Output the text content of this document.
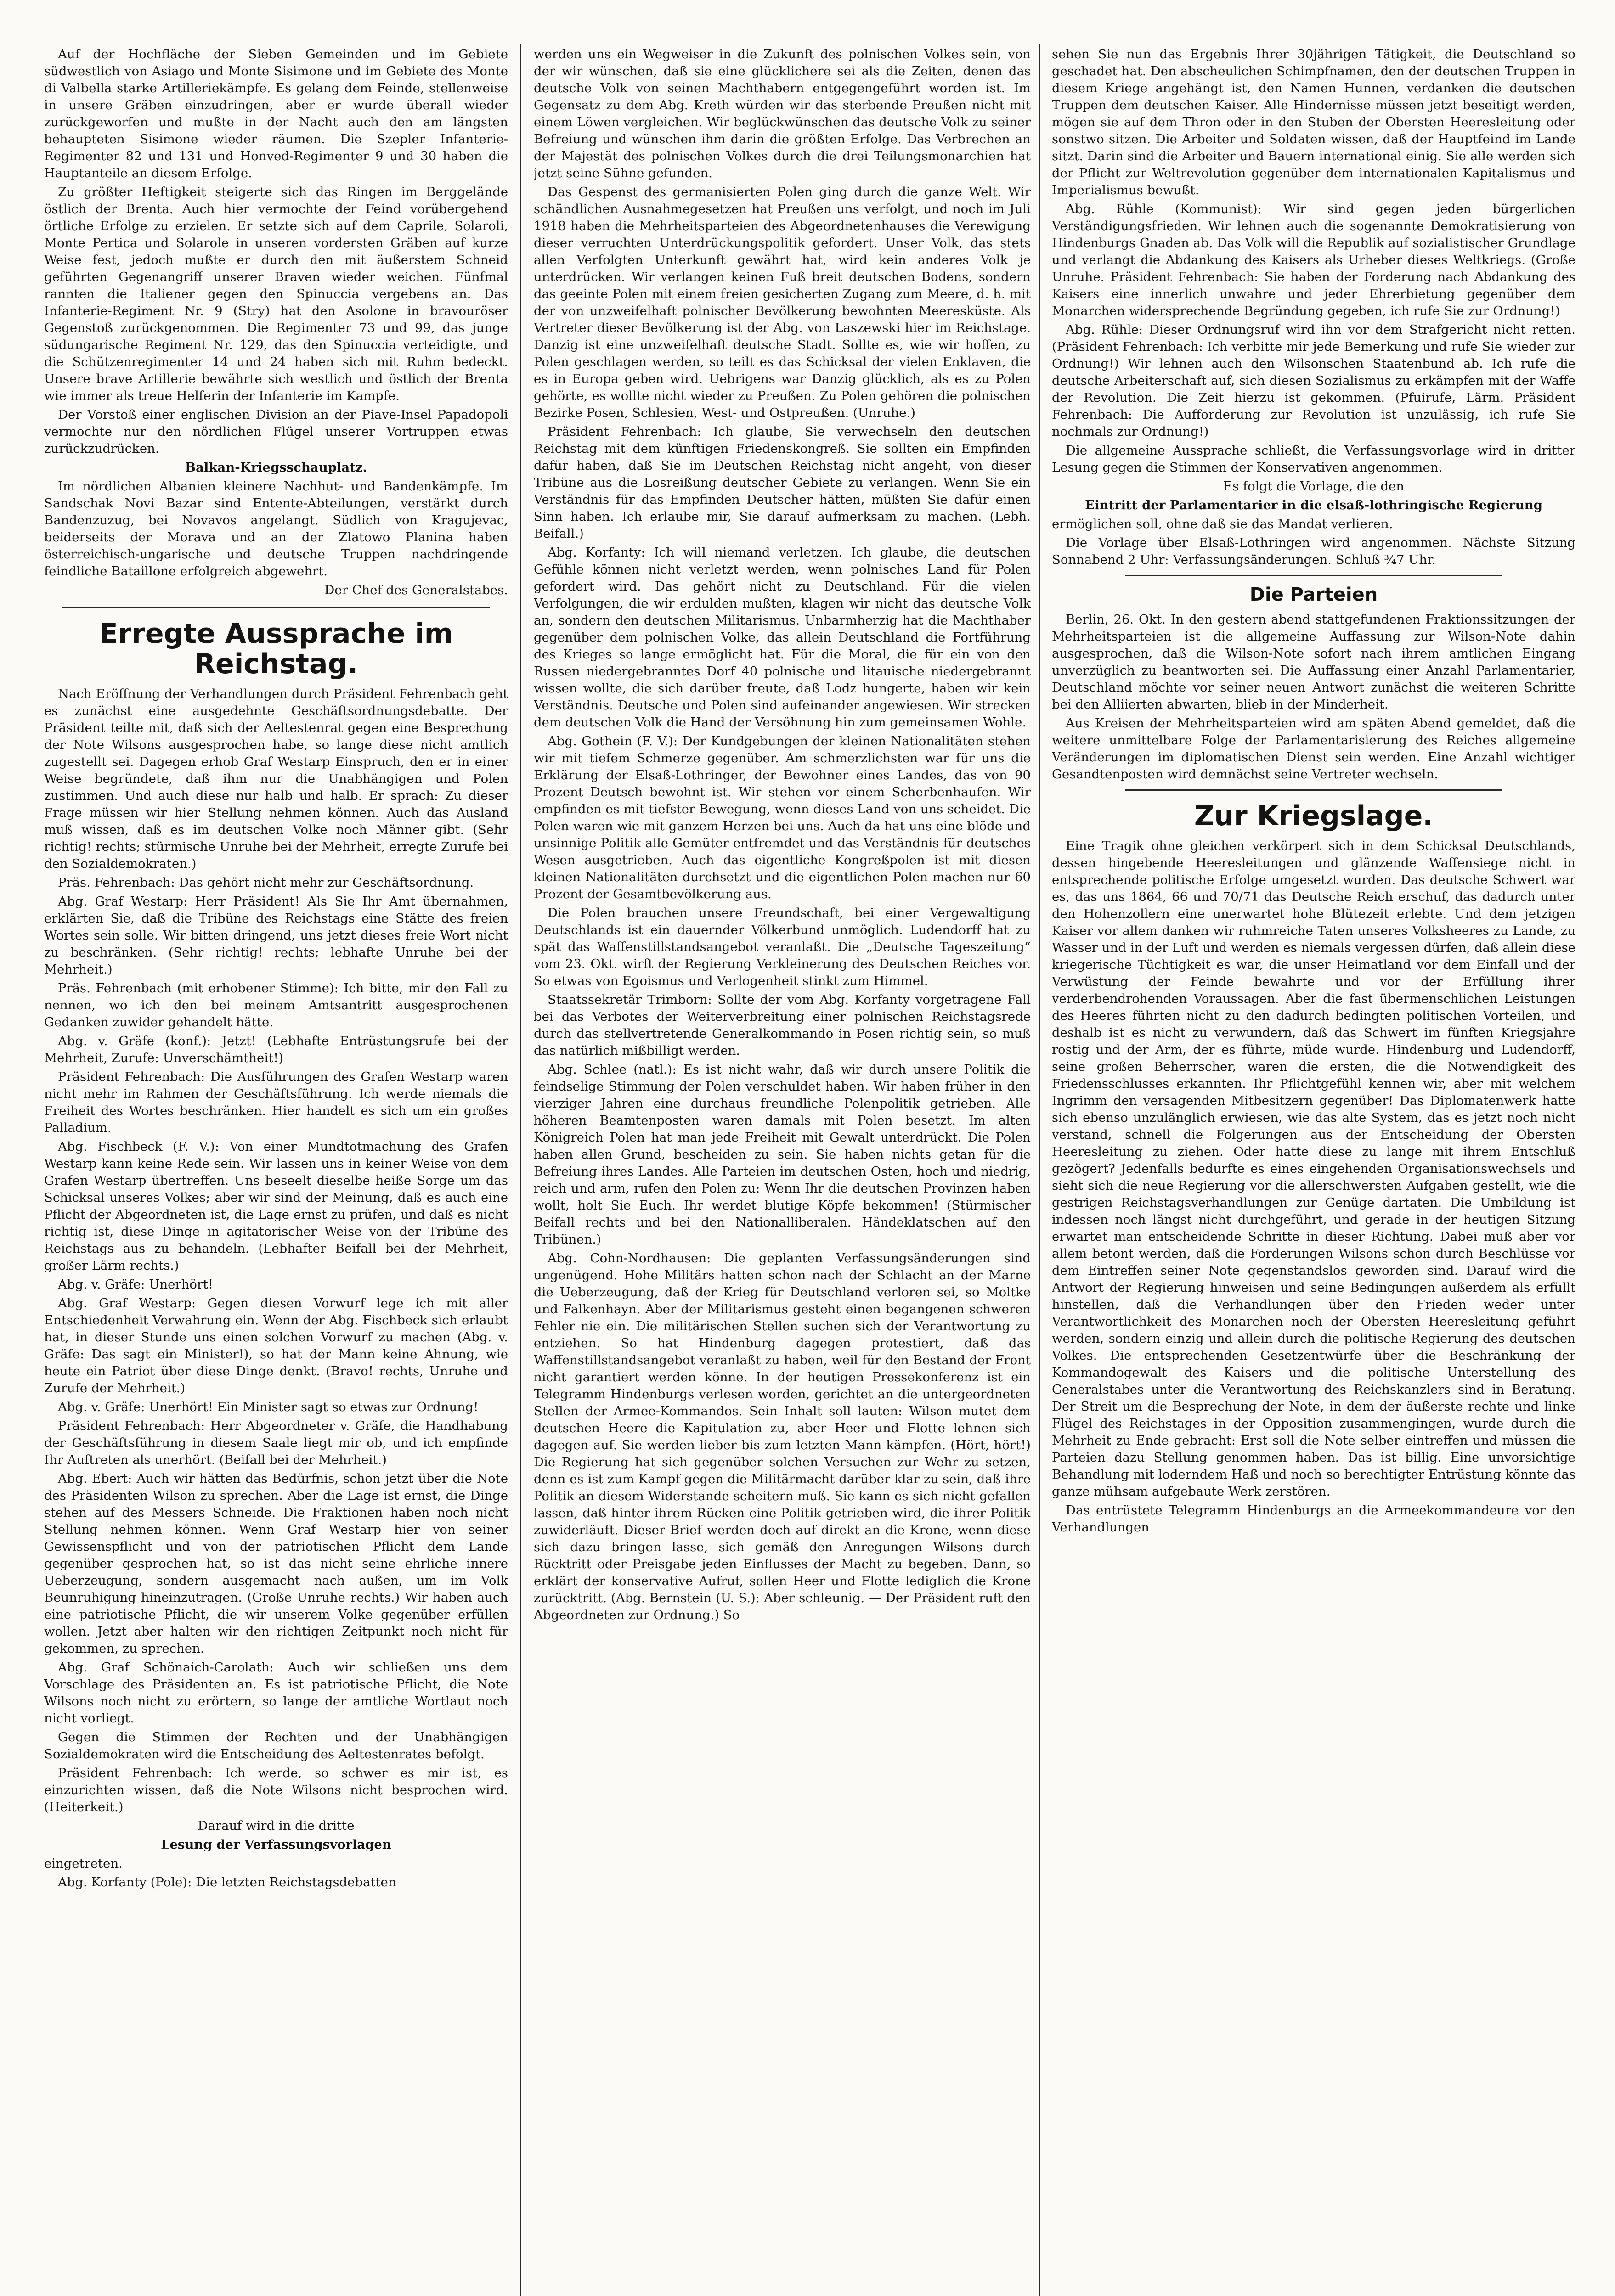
Auf der Hochfläche der Sieben Gemeinden und im Gebiete südwestlich von Asiago und Monte Sisimone und im Gebiete des Monte di Valbella starke Artilleriekämpfe. Es gelang dem Feinde, stellenweise in unsere Gräben einzudringen, aber er wurde überall wieder zurückgeworfen und mußte in der Nacht auch den am längsten behaupteten Sisimone wieder räumen. Die Szepler Infanterie-Regimenter 82 und 131 und Honved-Regimenter 9 und 30 haben die Hauptanteile an diesem Erfolge.

Zu größter Heftigkeit steigerte sich das Ringen im Berggelände östlich der Brenta. Auch hier vermochte der Feind vorübergehend örtliche Erfolge zu erzielen. Er setzte sich auf dem Caprile, Solaroli, Monte Pertica und Solarole in unseren vordersten Gräben auf kurze Weise fest, jedoch mußte er durch den mit äußerstem Schneid geführten Gegenangriff unserer Braven wieder weichen. Fünfmal rannten die Italiener gegen den Spinuccia vergebens an. Das Infanterie-Regiment Nr. 9 (Stry) hat den Asolone in bravouröser Gegenstoß zurückgenommen. Die Regimenter 73 und 99, das junge südungarische Regiment Nr. 129, das den Spinuccia verteidigte, und die Schützenregimenter 14 und 24 haben sich mit Ruhm bedeckt. Unsere brave Artillerie bewährte sich westlich und östlich der Brenta wie immer als treue Helferin der Infanterie im Kampfe.

Der Vorstoß einer englischen Division an der Piave-Insel Papadopoli vermochte nur den nördlichen Flügel unserer Vortruppen etwas zurückzudrücken.

Balkan-Kriegsschauplatz.

Im nördlichen Albanien kleinere Nachhut- und Bandenkämpfe. Im Sandschak Novi Bazar sind Entente-Abteilungen, verstärkt durch Bandenzuzug, bei Novavos angelangt. Südlich von Kragujevac, beiderseits der Morava und an der Zlatowo Planina haben österreichisch-ungarische und deutsche Truppen nachdringende feindliche Bataillone erfolgreich abgewehrt.

Der Chef des Generalstabes.

Erregte Aussprache im Reichstag.

Nach Eröffnung der Verhandlungen durch Präsident Fehrenbach geht es zunächst eine ausgedehnte Geschäftsordnungsdebatte. Der Präsident teilte mit, daß sich der Aeltestenrat gegen eine Besprechung der Note Wilsons ausgesprochen habe, so lange diese nicht amtlich zugestellt sei. Dagegen erhob Graf Westarp Einspruch, den er in einer Weise begründete, daß ihm nur die Unabhängigen und Polen zustimmen. Und auch diese nur halb und halb. Er sprach: Zu dieser Frage müssen wir hier Stellung nehmen können. Auch das Ausland muß wissen, daß es im deutschen Volke noch Männer gibt. (Sehr richtig! rechts; stürmische Unruhe bei der Mehrheit, erregte Zurufe bei den Sozialdemokraten.)

Präs. Fehrenbach: Das gehört nicht mehr zur Geschäftsordnung.

Abg. Graf Westarp: Herr Präsident! Als Sie Ihr Amt übernahmen, erklärten Sie, daß die Tribüne des Reichstags eine Stätte des freien Wortes sein solle. Wir bitten dringend, uns jetzt dieses freie Wort nicht zu beschränken. (Sehr richtig! rechts; lebhafte Unruhe bei der Mehrheit.)

Präs. Fehrenbach (mit erhobener Stimme): Ich bitte, mir den Fall zu nennen, wo ich den bei meinem Amtsantritt ausgesprochenen Gedanken zuwider gehandelt hätte.

Abg. v. Gräfe (konf.): Jetzt! (Lebhafte Entrüstungsrufe bei der Mehrheit, Zurufe: Unverschämtheit!)

Präsident Fehrenbach: Die Ausführungen des Grafen Westarp waren nicht mehr im Rahmen der Geschäftsführung. Ich werde niemals die Freiheit des Wortes beschränken. Hier handelt es sich um ein großes Palladium.

Abg. Fischbeck (F. V.): Von einer Mundtotmachung des Grafen Westarp kann keine Rede sein. Wir lassen uns in keiner Weise von dem Grafen Westarp übertreffen. Uns beseelt dieselbe heiße Sorge um das Schicksal unseres Volkes; aber wir sind der Meinung, daß es auch eine Pflicht der Abgeordneten ist, die Lage ernst zu prüfen, und daß es nicht richtig ist, diese Dinge in agitatorischer Weise von der Tribüne des Reichstags aus zu behandeln. (Lebhafter Beifall bei der Mehrheit, großer Lärm rechts.)

Abg. v. Gräfe: Unerhört!

Abg. Graf Westarp: Gegen diesen Vorwurf lege ich mit aller Entschiedenheit Verwahrung ein. Wenn der Abg. Fischbeck sich erlaubt hat, in dieser Stunde uns einen solchen Vorwurf zu machen (Abg. v. Gräfe: Das sagt ein Minister!), so hat der Mann keine Ahnung, wie heute ein Patriot über diese Dinge denkt. (Bravo! rechts, Unruhe und Zurufe der Mehrheit.)

Abg. v. Gräfe: Unerhört! Ein Minister sagt so etwas zur Ordnung!

Präsident Fehrenbach: Herr Abgeordneter v. Gräfe, die Handhabung der Geschäftsführung in diesem Saale liegt mir ob, und ich empfinde Ihr Auftreten als unerhört. (Beifall bei der Mehrheit.)

Abg. Ebert: Auch wir hätten das Bedürfnis, schon jetzt über die Note des Präsidenten Wilson zu sprechen. Aber die Lage ist ernst, die Dinge stehen auf des Messers Schneide. Die Fraktionen haben noch nicht Stellung nehmen können. Wenn Graf Westarp hier von seiner Gewissenspflicht und von der patriotischen Pflicht dem Lande gegenüber gesprochen hat, so ist das nicht seine ehrliche innere Ueberzeugung, sondern ausgemacht nach außen, um im Volk Beunruhigung hineinzutragen. (Große Unruhe rechts.) Wir haben auch eine patriotische Pflicht, die wir unserem Volke gegenüber erfüllen wollen. Jetzt aber halten wir den richtigen Zeitpunkt noch nicht für gekommen, zu sprechen.

Abg. Graf Schönaich-Carolath: Auch wir schließen uns dem Vorschlage des Präsidenten an. Es ist patriotische Pflicht, die Note Wilsons noch nicht zu erörtern, so lange der amtliche Wortlaut noch nicht vorliegt.

Gegen die Stimmen der Rechten und der Unabhängigen Sozialdemokraten wird die Entscheidung des Aeltestenrates befolgt.

Präsident Fehrenbach: Ich werde, so schwer es mir ist, es einzurichten wissen, daß die Note Wilsons nicht besprochen wird. (Heiterkeit.)

Darauf wird in die dritte

Lesung der Verfassungsvorlagen

eingetreten.

Abg. Korfanty (Pole): Die letzten Reichstagsdebatten

werden uns ein Wegweiser in die Zukunft des polnischen Volkes sein, von der wir wünschen, daß sie eine glücklichere sei als die Zeiten, denen das deutsche Volk von seinen Machthabern entgegengeführt worden ist. Im Gegensatz zu dem Abg. Kreth würden wir das sterbende Preußen nicht mit einem Löwen vergleichen. Wir beglückwünschen das deutsche Volk zu seiner Befreiung und wünschen ihm darin die größten Erfolge. Das Verbrechen an der Majestät des polnischen Volkes durch die drei Teilungsmonarchien hat jetzt seine Sühne gefunden.

Das Gespenst des germanisierten Polen ging durch die ganze Welt. Wir schändlichen Ausnahmegesetzen hat Preußen uns verfolgt, und noch im Juli 1918 haben die Mehrheitsparteien des Abgeordnetenhauses die Verewigung dieser verruchten Unterdrückungspolitik gefordert. Unser Volk, das stets allen Verfolgten Unterkunft gewährt hat, wird kein anderes Volk je unterdrücken. Wir verlangen keinen Fuß breit deutschen Bodens, sondern das geeinte Polen mit einem freien gesicherten Zugang zum Meere, d. h. mit der von unzweifelhaft polnischer Bevölkerung bewohnten Meeresküste. Als Vertreter dieser Bevölkerung ist der Abg. von Laszewski hier im Reichstage. Danzig ist eine unzweifelhaft deutsche Stadt. Sollte es, wie wir hoffen, zu Polen geschlagen werden, so teilt es das Schicksal der vielen Enklaven, die es in Europa geben wird. Uebrigens war Danzig glücklich, als es zu Polen gehörte, es wollte nicht wieder zu Preußen. Zu Polen gehören die polnischen Bezirke Posen, Schlesien, West- und Ostpreußen. (Unruhe.)

Präsident Fehrenbach: Ich glaube, Sie verwechseln den deutschen Reichstag mit dem künftigen Friedenskongreß. Sie sollten ein Empfinden dafür haben, daß Sie im Deutschen Reichstag nicht angeht, von dieser Tribüne aus die Losreißung deutscher Gebiete zu verlangen. Wenn Sie ein Verständnis für das Empfinden Deutscher hätten, müßten Sie dafür einen Sinn haben. Ich erlaube mir, Sie darauf aufmerksam zu machen. (Lebh. Beifall.)

Abg. Korfanty: Ich will niemand verletzen. Ich glaube, die deutschen Gefühle können nicht verletzt werden, wenn polnisches Land für Polen gefordert wird. Das gehört nicht zu Deutschland. Für die vielen Verfolgungen, die wir erdulden mußten, klagen wir nicht das deutsche Volk an, sondern den deutschen Militarismus. Unbarmherzig hat die Machthaber gegenüber dem polnischen Volke, das allein Deutschland die Fortführung des Krieges so lange ermöglicht hat. Für die Moral, die für ein von den Russen niedergebranntes Dorf 40 polnische und litauische niedergebrannt wissen wollte, die sich darüber freute, daß Lodz hungerte, haben wir kein Verständnis. Deutsche und Polen sind aufeinander angewiesen. Wir strecken dem deutschen Volk die Hand der Versöhnung hin zum gemeinsamen Wohle.

Abg. Gothein (F. V.): Der Kundgebungen der kleinen Nationalitäten stehen wir mit tiefem Schmerze gegenüber. Am schmerzlichsten war für uns die Erklärung der Elsaß-Lothringer, der Bewohner eines Landes, das von 90 Prozent Deutsch bewohnt ist. Wir stehen vor einem Scherbenhaufen. Wir empfinden es mit tiefster Bewegung, wenn dieses Land von uns scheidet. Die Polen waren wie mit ganzem Herzen bei uns. Auch da hat uns eine blöde und unsinnige Politik alle Gemüter entfremdet und das Verständnis für deutsches Wesen ausgetrieben. Auch das eigentliche Kongreßpolen ist mit diesen kleinen Nationalitäten durchsetzt und die eigentlichen Polen machen nur 60 Prozent der Gesamtbevölkerung aus.

Die Polen brauchen unsere Freundschaft, bei einer Vergewaltigung Deutschlands ist ein dauernder Völkerbund unmöglich. Ludendorff hat zu spät das Waffenstillstandsangebot veranlaßt. Die „Deutsche Tageszeitung“ vom 23. Okt. wirft der Regierung Verkleinerung des Deutschen Reiches vor. So etwas von Egoismus und Verlogenheit stinkt zum Himmel.

Staatssekretär Trimborn: Sollte der vom Abg. Korfanty vorgetragene Fall bei das Verbotes der Weiterverbreitung einer polnischen Reichstagsrede durch das stellvertretende Generalkommando in Posen richtig sein, so muß das natürlich mißbilligt werden.

Abg. Schlee (natl.): Es ist nicht wahr, daß wir durch unsere Politik die feindselige Stimmung der Polen verschuldet haben. Wir haben früher in den vierziger Jahren eine durchaus freundliche Polenpolitik getrieben. Alle höheren Beamtenposten waren damals mit Polen besetzt. Im alten Königreich Polen hat man jede Freiheit mit Gewalt unterdrückt. Die Polen haben allen Grund, bescheiden zu sein. Sie haben nichts getan für die Befreiung ihres Landes. Alle Parteien im deutschen Osten, hoch und niedrig, reich und arm, rufen den Polen zu: Wenn Ihr die deutschen Provinzen haben wollt, holt Sie Euch. Ihr werdet blutige Köpfe bekommen! (Stürmischer Beifall rechts und bei den Nationalliberalen. Händeklatschen auf den Tribünen.)

Abg. Cohn-Nordhausen: Die geplanten Verfassungsänderungen sind ungenügend. Hohe Militärs hatten schon nach der Schlacht an der Marne die Ueberzeugung, daß der Krieg für Deutschland verloren sei, so Moltke und Falkenhayn. Aber der Militarismus gesteht einen begangenen schweren Fehler nie ein. Die militärischen Stellen suchen sich der Verantwortung zu entziehen. So hat Hindenburg dagegen protestiert, daß das Waffenstillstandsangebot veranlaßt zu haben, weil für den Bestand der Front nicht garantiert werden könne. In der heutigen Pressekonferenz ist ein Telegramm Hindenburgs verlesen worden, gerichtet an die untergeordneten Stellen der Armee-Kommandos. Sein Inhalt soll lauten: Wilson mutet dem deutschen Heere die Kapitulation zu, aber Heer und Flotte lehnen sich dagegen auf. Sie werden lieber bis zum letzten Mann kämpfen. (Hört, hört!) Die Regierung hat sich gegenüber solchen Versuchen zur Wehr zu setzen, denn es ist zum Kampf gegen die Militärmacht darüber klar zu sein, daß ihre Politik an diesem Widerstande scheitern muß. Sie kann es sich nicht gefallen lassen, daß hinter ihrem Rücken eine Politik getrieben wird, die ihrer Politik zuwiderläuft. Dieser Brief werden doch auf direkt an die Krone, wenn diese sich dazu bringen lasse, sich gemäß den Anregungen Wilsons durch Rücktritt oder Preisgabe jeden Einflusses der Macht zu begeben. Dann, so erklärt der konservative Aufruf, sollen Heer und Flotte lediglich die Krone zurücktritt. (Abg. Bernstein (U. S.): Aber schleunig. — Der Präsident ruft den Abgeordneten zur Ordnung.) So

sehen Sie nun das Ergebnis Ihrer 30jährigen Tätigkeit, die Deutschland so geschadet hat. Den abscheulichen Schimpfnamen, den der deutschen Truppen in diesem Kriege angehängt ist, den Namen Hunnen, verdanken die deutschen Truppen dem deutschen Kaiser. Alle Hindernisse müssen jetzt beseitigt werden, mögen sie auf dem Thron oder in den Stuben der Obersten Heeresleitung oder sonstwo sitzen. Die Arbeiter und Soldaten wissen, daß der Hauptfeind im Lande sitzt. Darin sind die Arbeiter und Bauern international einig. Sie alle werden sich der Pflicht zur Weltrevolution gegenüber dem internationalen Kapitalismus und Imperialismus bewußt.

Abg. Rühle (Kommunist): Wir sind gegen jeden bürgerlichen Verständigungsfrieden. Wir lehnen auch die sogenannte Demokratisierung von Hindenburgs Gnaden ab. Das Volk will die Republik auf sozialistischer Grundlage und verlangt die Abdankung des Kaisers als Urheber dieses Weltkriegs. (Große Unruhe. Präsident Fehrenbach: Sie haben der Forderung nach Abdankung des Kaisers eine innerlich unwahre und jeder Ehrerbietung gegenüber dem Monarchen widersprechende Begründung gegeben, ich rufe Sie zur Ordnung!)

Abg. Rühle: Dieser Ordnungsruf wird ihn vor dem Strafgericht nicht retten. (Präsident Fehrenbach: Ich verbitte mir jede Bemerkung und rufe Sie wieder zur Ordnung!) Wir lehnen auch den Wilsonschen Staatenbund ab. Ich rufe die deutsche Arbeiterschaft auf, sich diesen Sozialismus zu erkämpfen mit der Waffe der Revolution. Die Zeit hierzu ist gekommen. (Pfuirufe, Lärm. Präsident Fehrenbach: Die Aufforderung zur Revolution ist unzulässig, ich rufe Sie nochmals zur Ordnung!)

Die allgemeine Aussprache schließt, die Verfassungsvorlage wird in dritter Lesung gegen die Stimmen der Konservativen angenommen.

Es folgt die Vorlage, die den

Eintritt der Parlamentarier in die elsaß-lothringische Regierung

ermöglichen soll, ohne daß sie das Mandat verlieren.

Die Vorlage über Elsaß-Lothringen wird angenommen. Nächste Sitzung Sonnabend 2 Uhr: Verfassungsänderungen. Schluß ¾7 Uhr.

Die Parteien

Berlin, 26. Okt. In den gestern abend stattgefundenen Fraktionssitzungen der Mehrheitsparteien ist die allgemeine Auffassung zur Wilson-Note dahin ausgesprochen, daß die Wilson-Note sofort nach ihrem amtlichen Eingang unverzüglich zu beantworten sei. Die Auffassung einer Anzahl Parlamentarier, Deutschland möchte vor seiner neuen Antwort zunächst die weiteren Schritte bei den Alliierten abwarten, blieb in der Minderheit.

Aus Kreisen der Mehrheitsparteien wird am späten Abend gemeldet, daß die weitere unmittelbare Folge der Parlamentarisierung des Reiches allgemeine Veränderungen im diplomatischen Dienst sein werden. Eine Anzahl wichtiger Gesandtenposten wird demnächst seine Vertreter wechseln.

Zur Kriegslage.

Eine Tragik ohne gleichen verkörpert sich in dem Schicksal Deutschlands, dessen hingebende Heeresleitungen und glänzende Waffensiege nicht in entsprechende politische Erfolge umgesetzt wurden. Das deutsche Schwert war es, das uns 1864, 66 und 70/71 das Deutsche Reich erschuf, das dadurch unter den Hohenzollern eine unerwartet hohe Blütezeit erlebte. Und dem jetzigen Kaiser vor allem danken wir ruhmreiche Taten unseres Volksheeres zu Lande, zu Wasser und in der Luft und werden es niemals vergessen dürfen, daß allein diese kriegerische Tüchtigkeit es war, die unser Heimatland vor dem Einfall und der Verwüstung der Feinde bewahrte und vor der Erfüllung ihrer verderbendrohenden Voraussagen. Aber die fast übermenschlichen Leistungen des Heeres führten nicht zu den dadurch bedingten politischen Vorteilen, und deshalb ist es nicht zu verwundern, daß das Schwert im fünften Kriegsjahre rostig und der Arm, der es führte, müde wurde. Hindenburg und Ludendorff, seine großen Beherrscher, waren die ersten, die die Notwendigkeit des Friedensschlusses erkannten. Ihr Pflichtgefühl kennen wir, aber mit welchem Ingrimm den versagenden Mitbesitzern gegenüber! Das Diplomatenwerk hatte sich ebenso unzulänglich erwiesen, wie das alte System, das es jetzt noch nicht verstand, schnell die Folgerungen aus der Entscheidung der Obersten Heeresleitung zu ziehen. Oder hatte diese zu lange mit ihrem Entschluß gezögert? Jedenfalls bedurfte es eines eingehenden Organisationswechsels und sieht sich die neue Regierung vor die allerschwersten Aufgaben gestellt, wie die gestrigen Reichstagsverhandlungen zur Genüge dartaten. Die Umbildung ist indessen noch längst nicht durchgeführt, und gerade in der heutigen Sitzung erwartet man entscheidende Schritte in dieser Richtung. Dabei muß aber vor allem betont werden, daß die Forderungen Wilsons schon durch Beschlüsse vor dem Eintreffen seiner Note gegenstandslos geworden sind. Darauf wird die Antwort der Regierung hinweisen und seine Bedingungen außerdem als erfüllt hinstellen, daß die Verhandlungen über den Frieden weder unter Verantwortlichkeit des Monarchen noch der Obersten Heeresleitung geführt werden, sondern einzig und allein durch die politische Regierung des deutschen Volkes. Die entsprechenden Gesetzentwürfe über die Beschränkung der Kommandogewalt des Kaisers und die politische Unterstellung des Generalstabes unter die Verantwortung des Reichskanzlers sind in Beratung. Der Streit um die Besprechung der Note, in dem der äußerste rechte und linke Flügel des Reichstages in der Opposition zusammengingen, wurde durch die Mehrheit zu Ende gebracht: Erst soll die Note selber eintreffen und müssen die Parteien dazu Stellung genommen haben. Das ist billig. Eine unvorsichtige Behandlung mit loderndem Haß und noch so berechtigter Entrüstung könnte das ganze mühsam aufgebaute Werk zerstören.

Das entrüstete Telegramm Hindenburgs an die Armeekommandeure vor den Verhandlungen
